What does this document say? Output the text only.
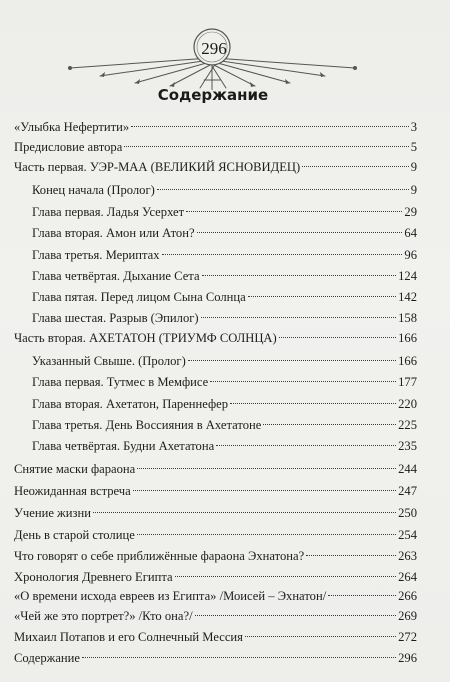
296
Содержание
«Улыбка Нефертити»	3
Предисловие автора	5
Часть первая. УЭР-МАА (ВЕЛИКИЙ ЯСНОВИДЕЦ)	9
Конец начала (Пролог)	9
Глава первая. Ладья Усерхет	29
Глава вторая. Амон или Атон?	64
Глава третья. Мериптах	96
Глава четвёртая. Дыхание Сета	124
Глава пятая. Перед лицом Сына Солнца	142
Глава шестая. Разрыв (Эпилог)	158
Часть вторая. АХЕТАТОН (ТРИУМФ СОЛНЦА)	166
Указанный Свыше. (Пролог)	166
Глава первая. Тутмес в Мемфисе	177
Глава вторая. Ахетатон, Пареннефер	220
Глава третья. День Воссияния в Ахетатоне	225
Глава четвёртая. Будни Ахетатона	235
Снятие маски фараона	244
Неожиданная встреча	247
Учение жизни	250
День в старой столице	254
Что говорят о себе приближённые фараона Эхнатона?	263
Хронология Древнего Египта	264
«О времени исхода евреев из Египта» /Моисей – Эхнатон/	266
«Чей же это портрет?» /Кто она?/	269
Михаил Потапов и его Солнечный Мессия	272
Содержание	296
